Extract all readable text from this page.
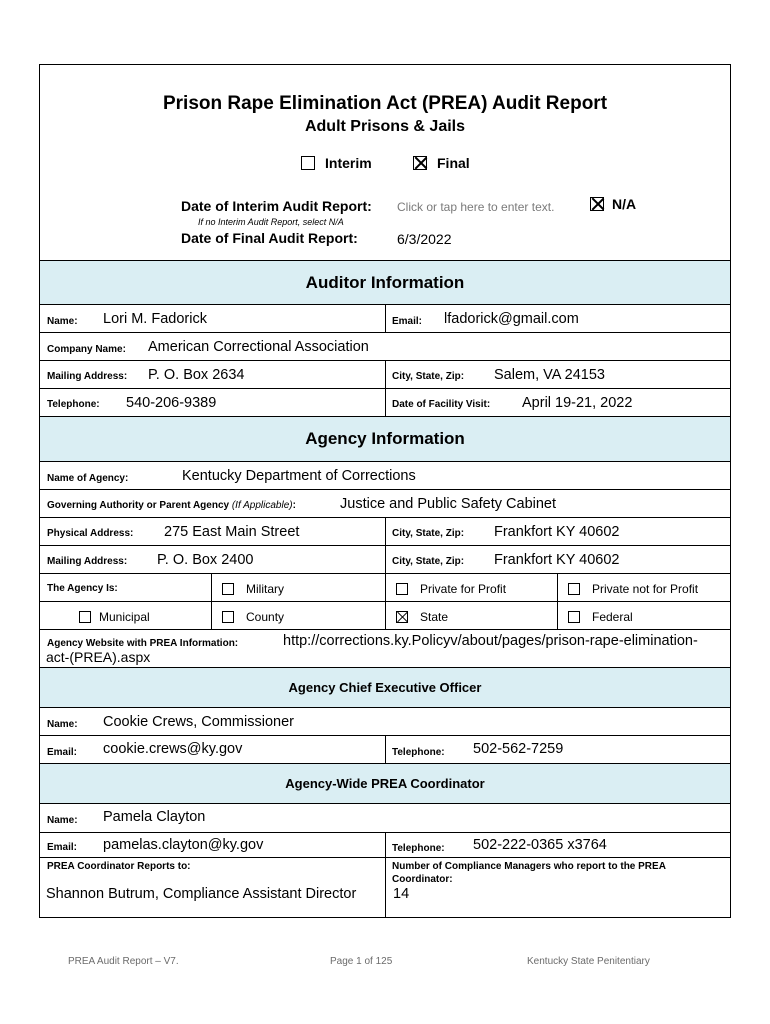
Prison Rape Elimination Act (PREA) Audit Report
Adult Prisons & Jails
Interim	Final
Date of Interim Audit Report: Click or tap here to enter text.	N/A
If no Interim Audit Report, select N/A
Date of Final Audit Report:	6/3/2022
Auditor Information
Name: Lori M. Fadorick	Email: lfadorick@gmail.com
Company Name: American Correctional Association
Mailing Address: P. O. Box 2634	City, State, Zip: Salem, VA 24153
Telephone: 540-206-9389	Date of Facility Visit: April 19-21, 2022
Agency Information
Name of Agency:	Kentucky Department of Corrections
Governing Authority or Parent Agency (If Applicable):	Justice and Public Safety Cabinet
Physical Address: 275 East Main Street	City, State, Zip: Frankfort KY 40602
Mailing Address: P. O. Box 2400	City, State, Zip: Frankfort KY 40602
The Agency Is:	Military	Private for Profit	Private not for Profit
Municipal	County	State	Federal
Agency Website with PREA Information:	http://corrections.ky.Policyv/about/pages/prison-rape-elimination-
act-(PREA).aspx
Agency Chief Executive Officer
Name: Cookie Crews, Commissioner
Email: cookie.crews@ky.gov	Telephone: 502-562-7259
Agency-Wide PREA Coordinator
Name: Pamela Clayton
Email: pamelas.clayton@ky.gov	Telephone: 502-222-0365 x3764
PREA Coordinator Reports to:
Shannon Butrum, Compliance Assistant Director
Number of Compliance Managers who report to the PREA
Coordinator:
14
PREA Audit Report – V7.	Page 1 of 125	Kentucky State Penitentiary
